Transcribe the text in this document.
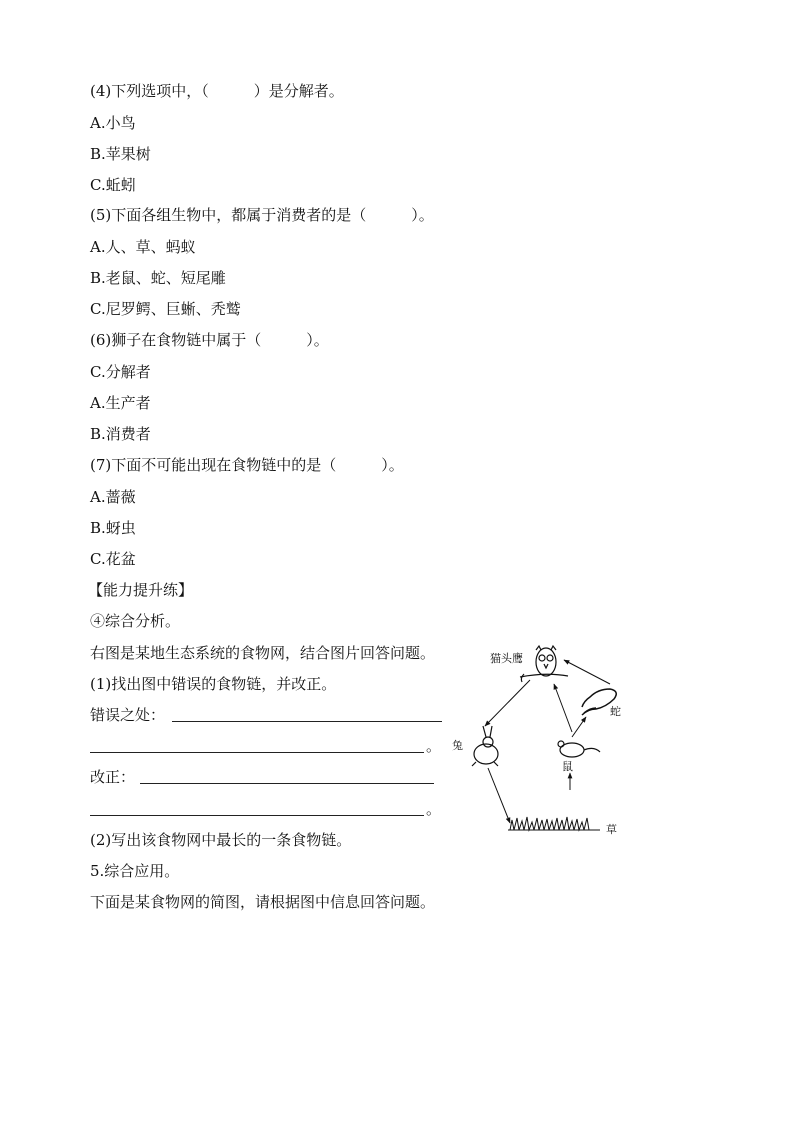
(4)下列选项中，（　　　）是分解者。
A.小鸟
B.苹果树
C.蚯蚓
(5)下面各组生物中，都属于消费者的是（　　　）。
A.人、草、蚂蚁
B.老鼠、蛇、短尾雕
C.尼罗鳄、巨蜥、秃鹫
(6)狮子在食物链中属于（　　　）。
C.分解者
A.生产者
B.消费者
(7)下面不可能出现在食物链中的是（　　　）。
A.蔷薇
B.蚜虫
C.花盆
【能力提升练】
④综合分析。
右图是某地生态系统的食物网，结合图片回答问题。
(1)找出图中错误的食物链，并改正。
错误之处：
。
改正：
。
(2)写出该食物网中最长的一条食物链。
5.综合应用。
下面是某食物网的简图，请根据图中信息回答问题。
猫头鹰
蛇
兔
鼠
草
